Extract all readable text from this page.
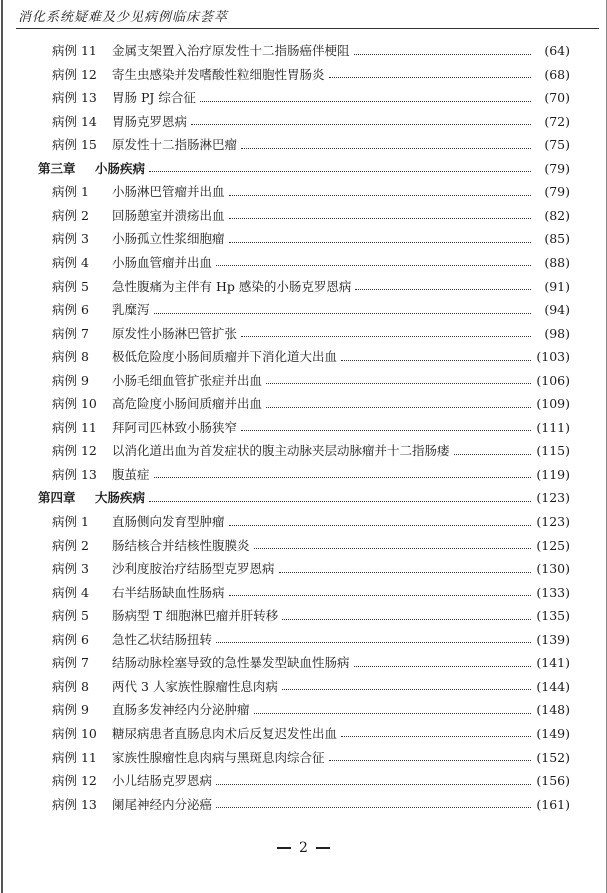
消化系统疑难及少见病例临床荟萃
病例 11 金属支架置入治疗原发性十二指肠癌伴梗阻	(64)
病例 12 寄生虫感染并发嗜酸性粒细胞性胃肠炎	(68)
病例 13 胃肠 PJ 综合征	(70)
病例 14 胃肠克罗恩病	(72)
病例 15 原发性十二指肠淋巴瘤	(75)
第三章 小肠疾病	(79)
病例 1 小肠淋巴管瘤并出血	(79)
病例 2 回肠憩室并溃疡出血	(82)
病例 3 小肠孤立性浆细胞瘤	(85)
病例 4 小肠血管瘤并出血	(88)
病例 5 急性腹痛为主伴有 Hp 感染的小肠克罗恩病	(91)
病例 6 乳糜泻	(94)
病例 7 原发性小肠淋巴管扩张	(98)
病例 8 极低危险度小肠间质瘤并下消化道大出血	(103)
病例 9 小肠毛细血管扩张症并出血	(106)
病例 10 高危险度小肠间质瘤并出血	(109)
病例 11 拜阿司匹林致小肠狭窄	(111)
病例 12 以消化道出血为首发症状的腹主动脉夹层动脉瘤并十二指肠瘘	(115)
病例 13 腹茧症	(119)
第四章 大肠疾病	(123)
病例 1 直肠侧向发育型肿瘤	(123)
病例 2 肠结核合并结核性腹膜炎	(125)
病例 3 沙利度胺治疗结肠型克罗恩病	(130)
病例 4 右半结肠缺血性肠病	(133)
病例 5 肠病型 T 细胞淋巴瘤并肝转移	(135)
病例 6 急性乙状结肠扭转	(139)
病例 7 结肠动脉栓塞导致的急性暴发型缺血性肠病	(141)
病例 8 两代 3 人家族性腺瘤性息肉病	(144)
病例 9 直肠多发神经内分泌肿瘤	(148)
病例 10 糖尿病患者直肠息肉术后反复迟发性出血	(149)
病例 11 家族性腺瘤性息肉病与黑斑息肉综合征	(152)
病例 12 小儿结肠克罗恩病	(156)
病例 13 阑尾神经内分泌癌	(161)
2
